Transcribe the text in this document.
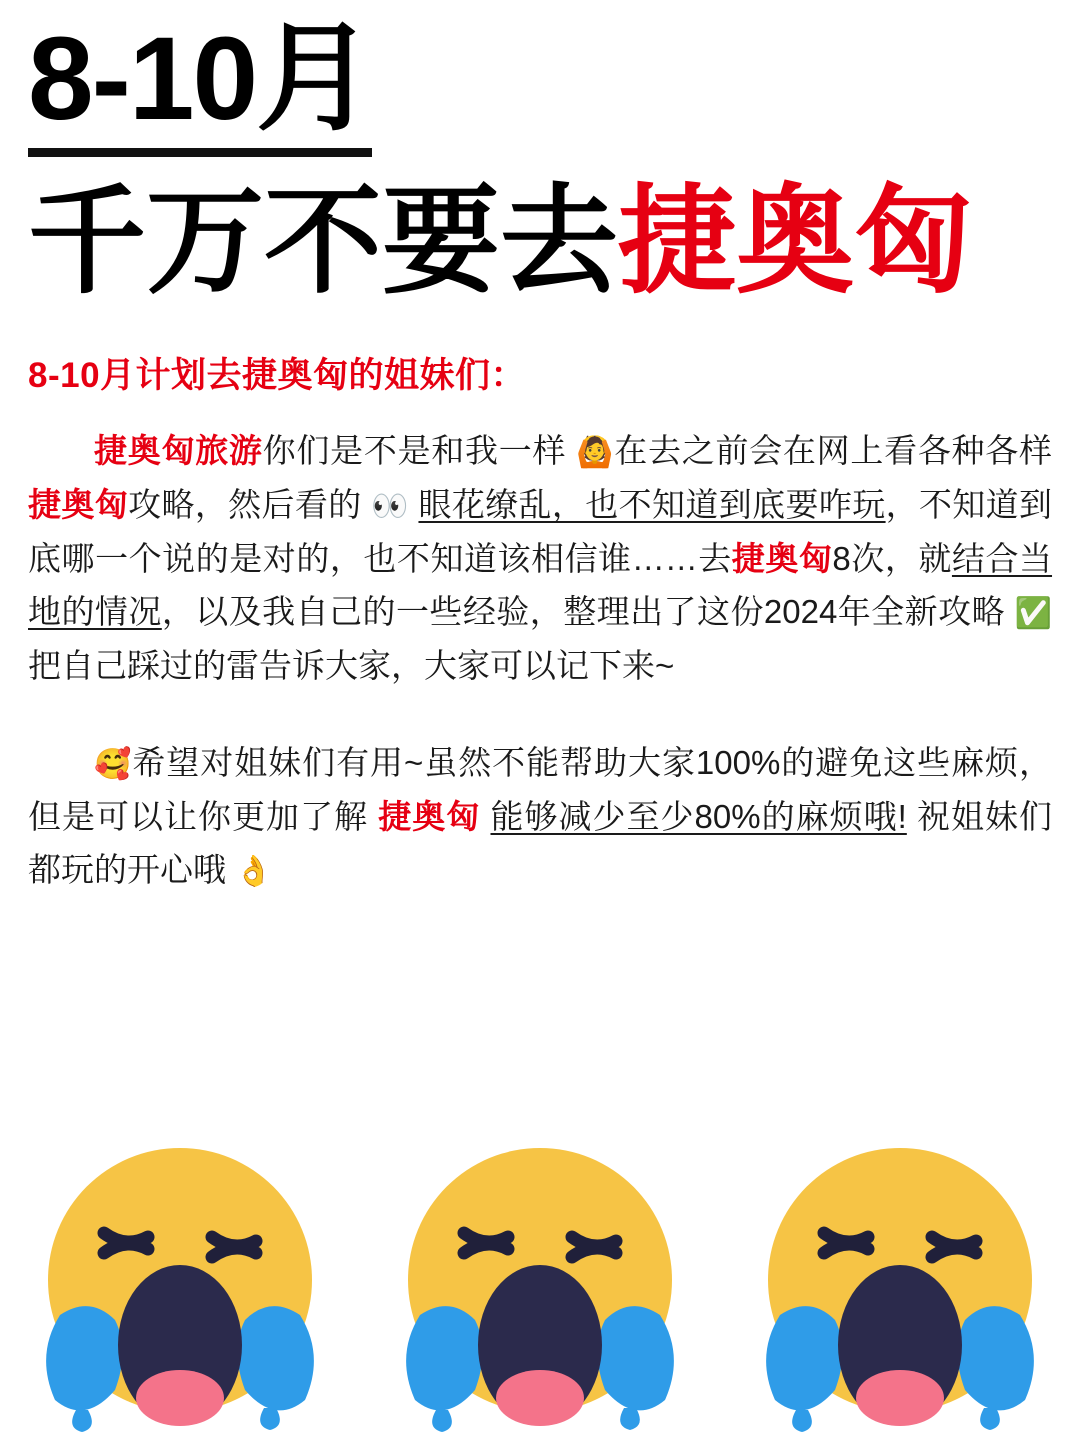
8-10月
千万不要去捷奥匈
8-10月计划去捷奥匈的姐妹们：
捷奥匈旅游你们是不是和我一样 🙆在去之前会在网上看各种各样捷奥匈攻略，然后看的 👀 眼花缭乱，也不知道到底要咋玩，不知道到底哪一个说的是对的，也不知道该相信谁……去捷奥匈8次，就结合当地的情况，以及我自己的一些经验，整理出了这份2024年全新攻略 ✅ 把自己踩过的雷告诉大家，大家可以记下来~
🥰希望对姐妹们有用~虽然不能帮助大家100%的避免这些麻烦，但是可以让你更加了解 捷奥匈 能够减少至少80%的麻烦哦! 祝姐妹们都玩的开心哦 👌
